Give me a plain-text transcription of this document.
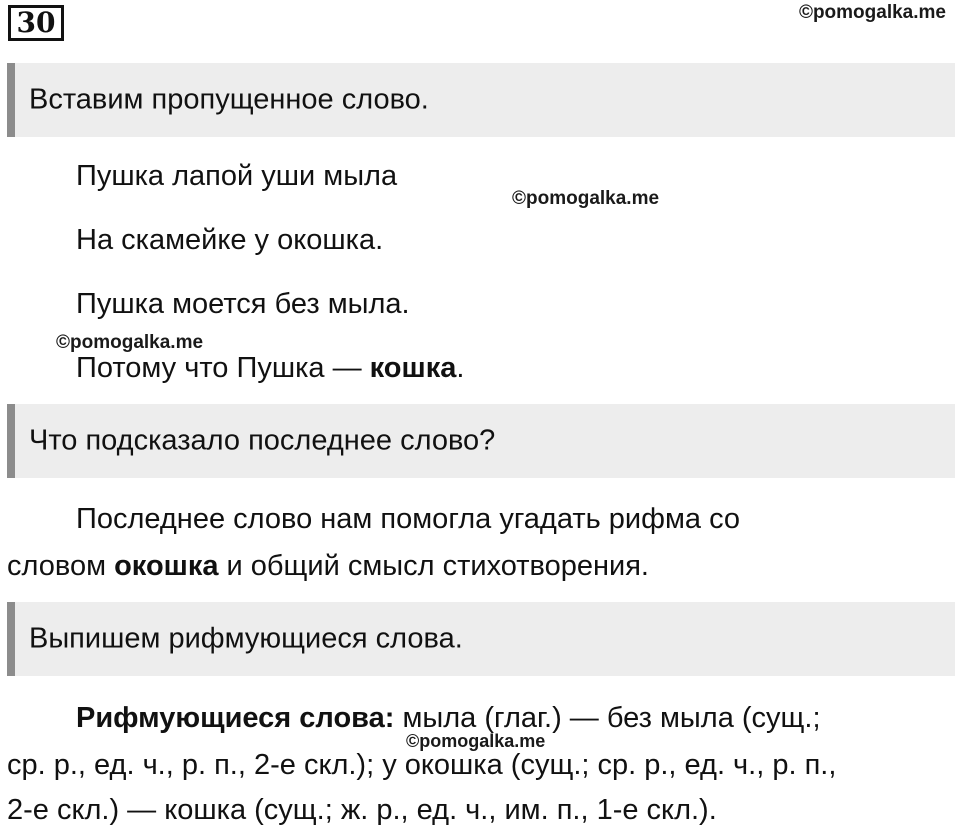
30	©pomogalka.me
Вставим пропущенное слово.
Пушка лапой уши мыла
©pomogalka.me
На скамейке у окошка.
Пушка моется без мыла.
©pomogalka.me
Потому что Пушка — кошка.
Что подсказало последнее слово?
Последнее слово нам помогла угадать рифма со
словом окошка и общий смысл стихотворения.
Выпишем рифмующиеся слова.
Рифмующиеся слова: мыла (глаг.) — без мыла (сущ.;
©pomogalka.me
ср. р., ед. ч., р. п., 2-е скл.); у окошка (сущ.; ср. р., ед. ч., р. п.,
2-е скл.) — кошка (сущ.; ж. р., ед. ч., им. п., 1-е скл.).
